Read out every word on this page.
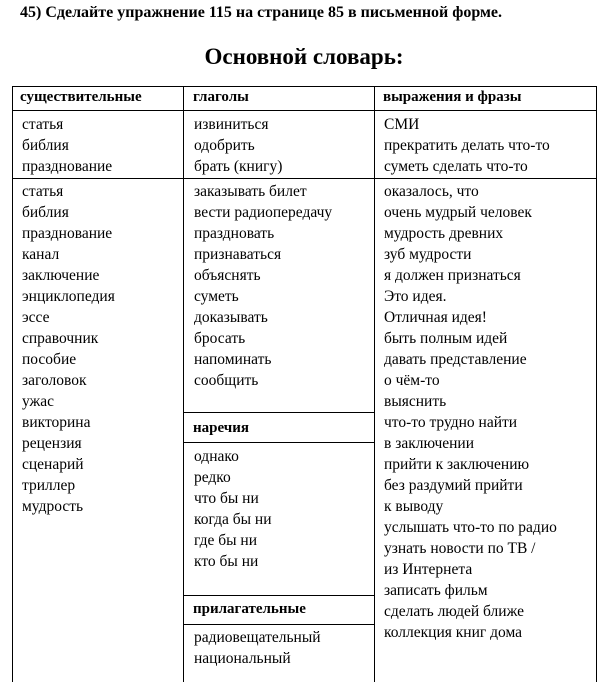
45) Сделайте упражнение 115 на странице 85 в письменной форме.
Основной словарь:
существительные	глаголы	выражения и фразы
наречия
прилагательные
статья
библия
празднование
извиниться
одобрить
брать (книгу)
СМИ
прекратить делать что-то
суметь сделать что-то
статья
библия
празднование
канал
заключение
энциклопедия
эссе
справочник
пособие
заголовок
ужас
викторина
рецензия
сценарий
триллер
мудрость
заказывать билет
вести радиопередачу
праздновать
признаваться
объяснять
суметь
доказывать
бросать
напоминать
сообщить
оказалось, что
очень мудрый человек
мудрость древних
зуб мудрости
я должен признаться
Это идея.
Отличная идея!
быть полным идей
давать представление
о чём-то
выяснить
что-то трудно найти
в заключении
прийти к заключению
без раздумий прийти
к выводу
услышать что-то по радио
узнать новости по ТВ /
из Интернета
записать фильм
сделать людей ближе
коллекция книг дома
однако
редко
что бы ни
когда бы ни
где бы ни
кто бы ни
радиовещательный
национальный
